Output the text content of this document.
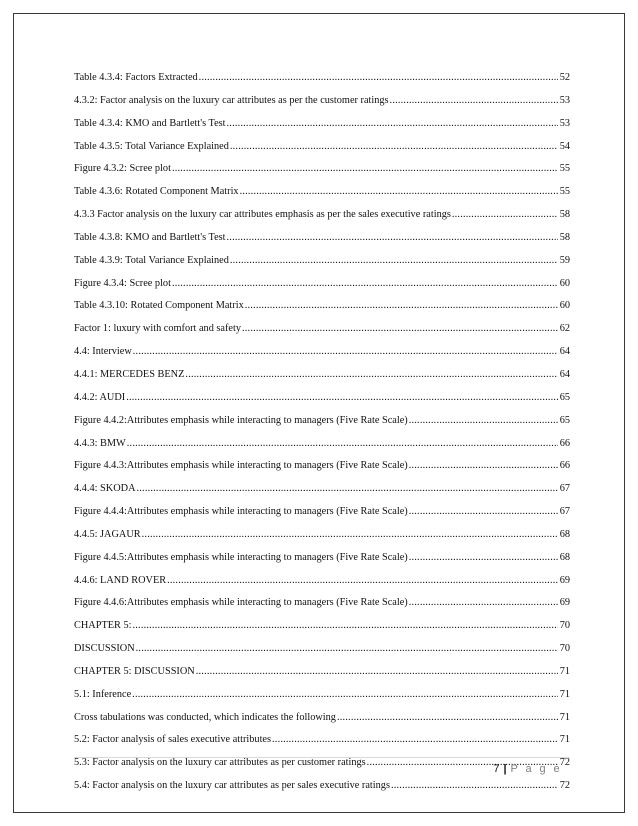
Table 4.3.4: Factors Extracted .....	52
4.3.2: Factor analysis on the luxury car attributes as per the customer ratings .....	53
Table 4.3.4: KMO and Bartlett's Test .....	53
Table 4.3.5: Total Variance Explained .....	54
Figure 4.3.2: Scree plot .....	55
Table 4.3.6: Rotated Component Matrix .....	55
4.3.3 Factor analysis on the luxury car attributes emphasis as per the sales executive ratings .....	58
Table 4.3.8: KMO and Bartlett's Test .....	58
Table 4.3.9: Total Variance Explained .....	59
Figure 4.3.4: Scree plot .....	60
Table 4.3.10: Rotated Component Matrix .....	60
Factor 1: luxury with comfort and safety .....	62
4.4: Interview .....	64
4.4.1: MERCEDES BENZ .....	64
4.4.2: AUDI .....	65
Figure 4.4.2:Attributes emphasis while interacting to managers (Five Rate Scale) .....	65
4.4.3: BMW .....	66
Figure 4.4.3:Attributes emphasis while interacting to managers (Five Rate Scale) .....	66
4.4.4: SKODA .....	67
Figure 4.4.4:Attributes emphasis while interacting to managers (Five Rate Scale) .....	67
4.4.5: JAGAUR .....	68
Figure 4.4.5:Attributes emphasis while interacting to managers (Five Rate Scale) .....	68
4.4.6: LAND ROVER .....	69
Figure 4.4.6:Attributes emphasis while interacting to managers (Five Rate Scale) .....	69
CHAPTER 5: .....	70
DISCUSSION .....	70
CHAPTER 5: DISCUSSION .....	71
5.1: Inference .....	71
Cross tabulations was conducted, which indicates the following .....	71
5.2: Factor analysis of sales executive attributes .....	71
5.3: Factor analysis on the luxury car attributes as per customer ratings .....	72
5.4: Factor analysis on the luxury car attributes as per sales executive ratings .....	72
7 | P a g e
